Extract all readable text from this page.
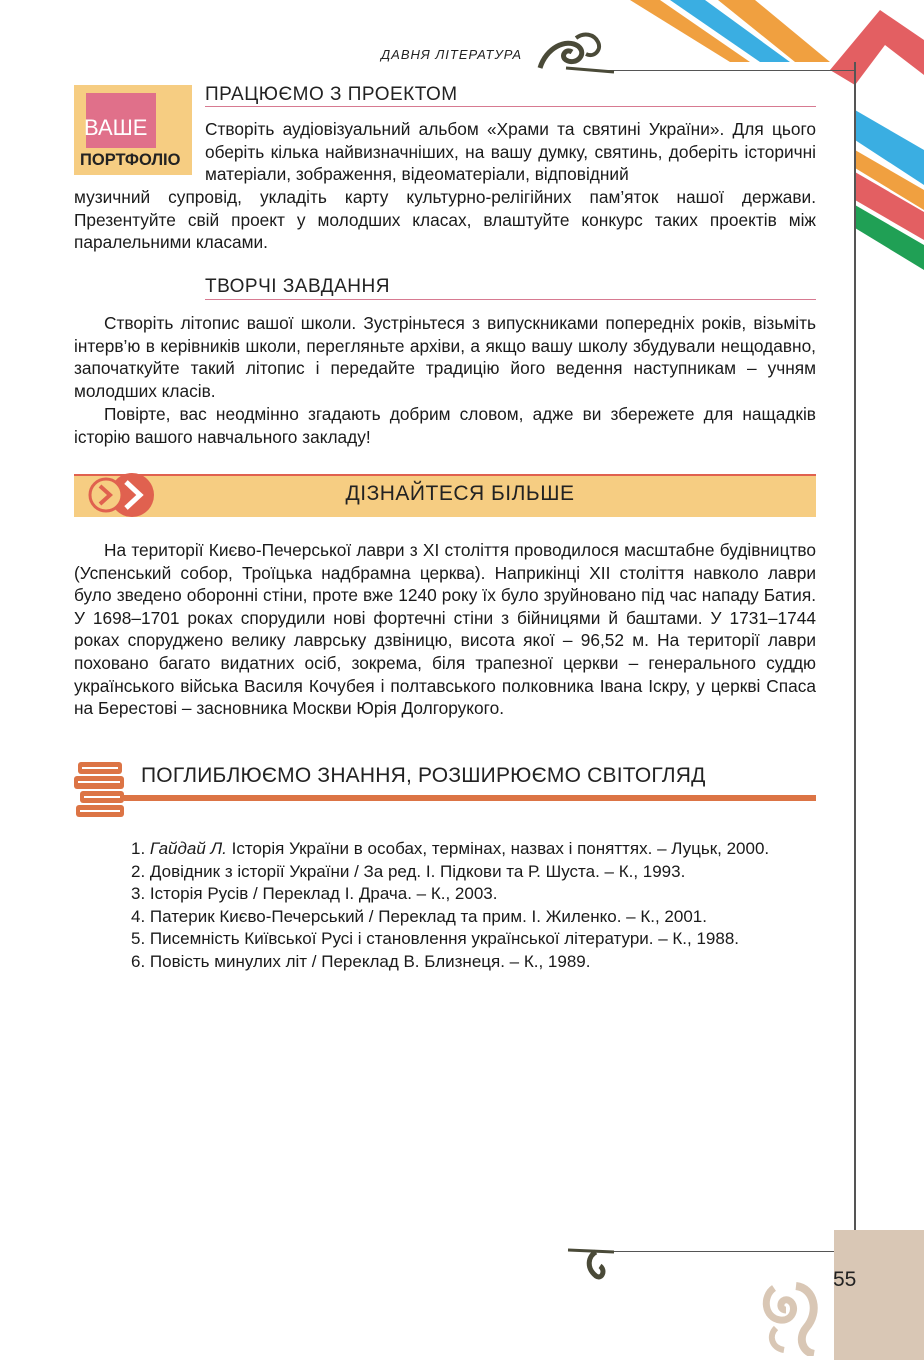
ДАВНЯ ЛІТЕРАТУРА
ВАШЕ
ПОРТФОЛІО
ПРАЦЮЄМО З ПРОЕКТОМ
Створіть аудіовізуальний альбом «Храми та святині України». Для цього оберіть кілька найвизначніших, на вашу думку, святинь, доберіть історичні матеріали, зображення, відеоматеріали, відповідний
музичний супровід, укладіть карту культурно-релігійних пам’яток нашої держави. Презентуйте свій проект у молодших класах, влаштуйте конкурс таких проектів між паралельними класами.
ТВОРЧІ ЗАВДАННЯ
Створіть літопис вашої школи. Зустріньтеся з випускниками попередніх років, візьміть інтерв’ю в керівників школи, перегляньте архіви, а якщо вашу школу збудували нещодавно, започаткуйте такий літопис і передайте традицію його ведення наступникам – учням молодших класів.
Повірте, вас неодмінно згадають добрим словом, адже ви збережете для нащадків історію вашого навчального закладу!
ДІЗНАЙТЕСЯ БІЛЬШЕ
На території Києво-Печерської лаври з XI століття проводилося масштабне будівництво (Успенський собор, Троїцька надбрамна церква). Наприкінці XII століття навколо лаври було зведено оборонні стіни, проте вже 1240 року їх було зруйновано під час нападу Батия. У 1698–1701 роках спорудили нові фортечні стіни з бійницями й баштами. У 1731–1744 роках споруджено велику лаврську дзвіницю, висота якої – 96,52 м. На території лаври поховано багато видатних осіб, зокрема, біля трапезної церкви – генерального суддю українського війська Василя Кочубея і полтавського полковника Івана Іскру, у церкві Спаса на Берестові – засновника Москви Юрія Долгорукого.
ПОГЛИБЛЮЄМО ЗНАННЯ, РОЗШИРЮЄМО СВІТОГЛЯД
1. Гайдай Л. Історія України в особах, термінах, назвах і поняттях. – Луцьк, 2000.
2. Довідник з історії України / За ред. І. Підкови та Р. Шуста. – К., 1993.
3. Історія Русів / Переклад І. Драча. – К., 2003.
4. Патерик Києво-Печерський / Переклад та прим. І. Жиленко. – К., 2001.
5. Писемність Київської Русі і становлення української літератури. – К., 1988.
6. Повість минулих літ / Переклад В. Близнеця. – К., 1989.
55
